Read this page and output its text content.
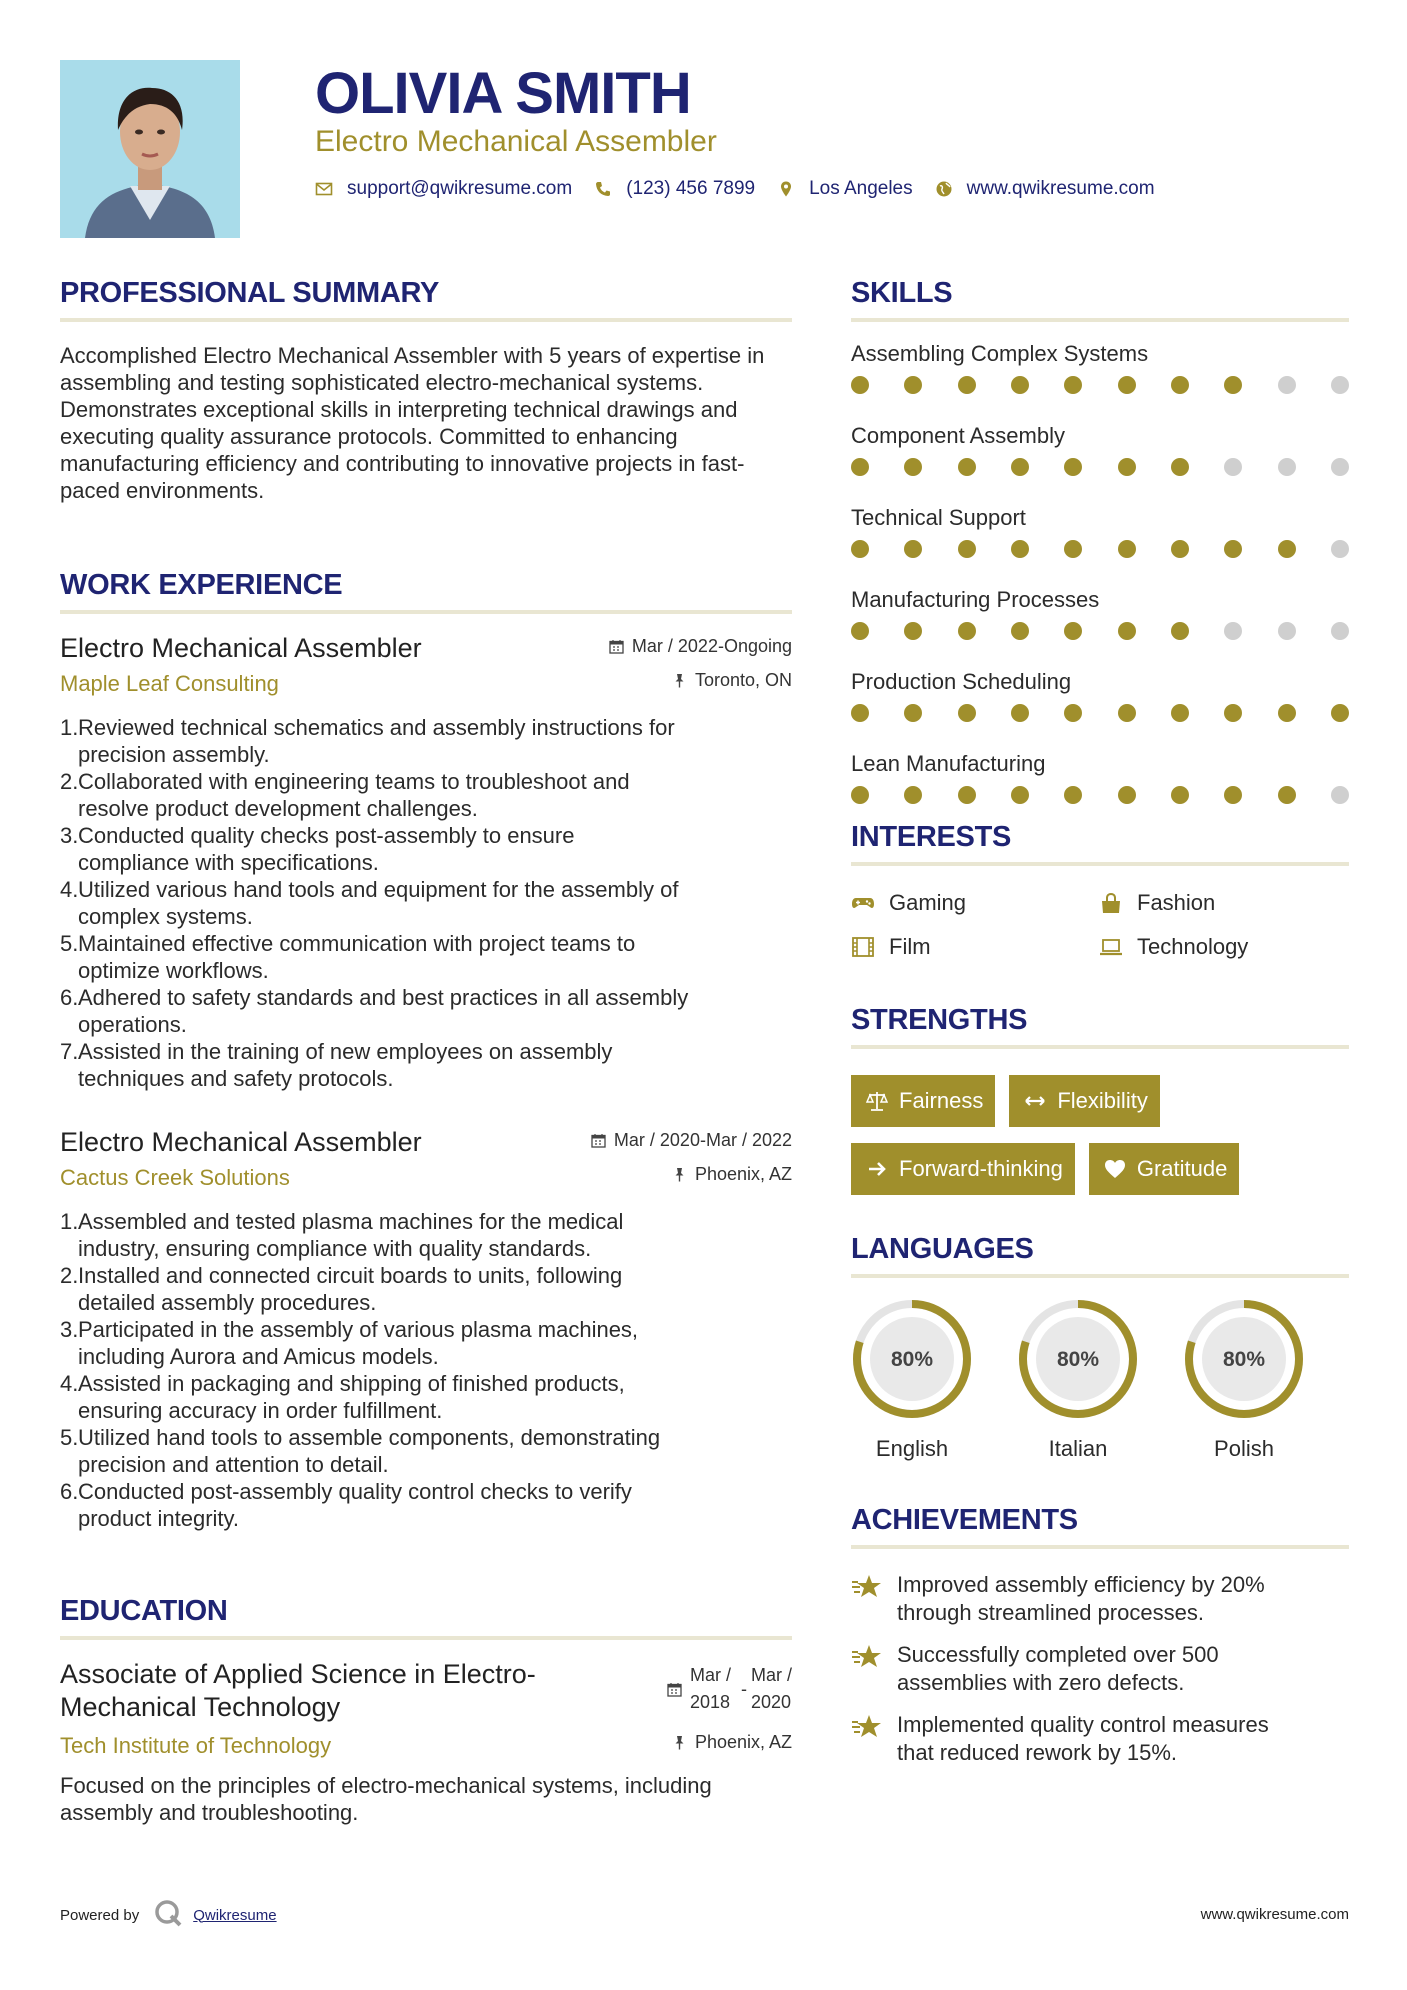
OLIVIA SMITH
Electro Mechanical Assembler
support@qwikresume.com	(123) 456 7899	Los Angeles	www.qwikresume.com
PROFESSIONAL SUMMARY

Accomplished Electro Mechanical Assembler with 5 years of expertise in assembling and testing sophisticated electro-mechanical systems. Demonstrates exceptional skills in interpreting technical drawings and executing quality assurance protocols. Committed to enhancing manufacturing efficiency and contributing to innovative projects in fast-paced environments.

WORK EXPERIENCE
Electro Mechanical Assembler
Maple Leaf Consulting
Mar / 2022-Ongoing
Toronto, ON
1. Reviewed technical schematics and assembly instructions for
precision assembly.
2. Collaborated with engineering teams to troubleshoot and
resolve product development challenges.
3. Conducted quality checks post-assembly to ensure
compliance with specifications.
4. Utilized various hand tools and equipment for the assembly of
complex systems.
5. Maintained effective communication with project teams to
optimize workflows.
6. Adhered to safety standards and best practices in all assembly
operations.
7. Assisted in the training of new employees on assembly
techniques and safety protocols.
Electro Mechanical Assembler
Cactus Creek Solutions
Mar / 2020-Mar / 2022
Phoenix, AZ
1. Assembled and tested plasma machines for the medical
industry, ensuring compliance with quality standards.
2. Installed and connected circuit boards to units, following
detailed assembly procedures.
3. Participated in the assembly of various plasma machines,
including Aurora and Amicus models.
4. Assisted in packaging and shipping of finished products,
ensuring accuracy in order fulfillment.
5. Utilized hand tools to assemble components, demonstrating
precision and attention to detail.
6. Conducted post-assembly quality control checks to verify
product integrity.
EDUCATION
Associate of Applied Science in Electro-
Mechanical Technology
Tech Institute of Technology
Mar /
2018
-
Mar /
2020
Phoenix, AZ

Focused on the principles of electro-mechanical systems, including assembly and troubleshooting.

SKILLS
Assembling Complex Systems
Component Assembly
Technical Support
Manufacturing Processes
Production Scheduling
Lean Manufacturing
INTERESTS
Gaming	Fashion
Film	Technology
STRENGTHS
Fairness	Flexibility
Forward-thinking	Gratitude
LANGUAGES
80%
English
80%
Italian
80%
Polish
ACHIEVEMENTS
Improved assembly efficiency by 20%
through streamlined processes.
Successfully completed over 500
assemblies with zero defects.
Implemented quality control measures
that reduced rework by 15%.
Powered by	Qwikresume	www.qwikresume.com
